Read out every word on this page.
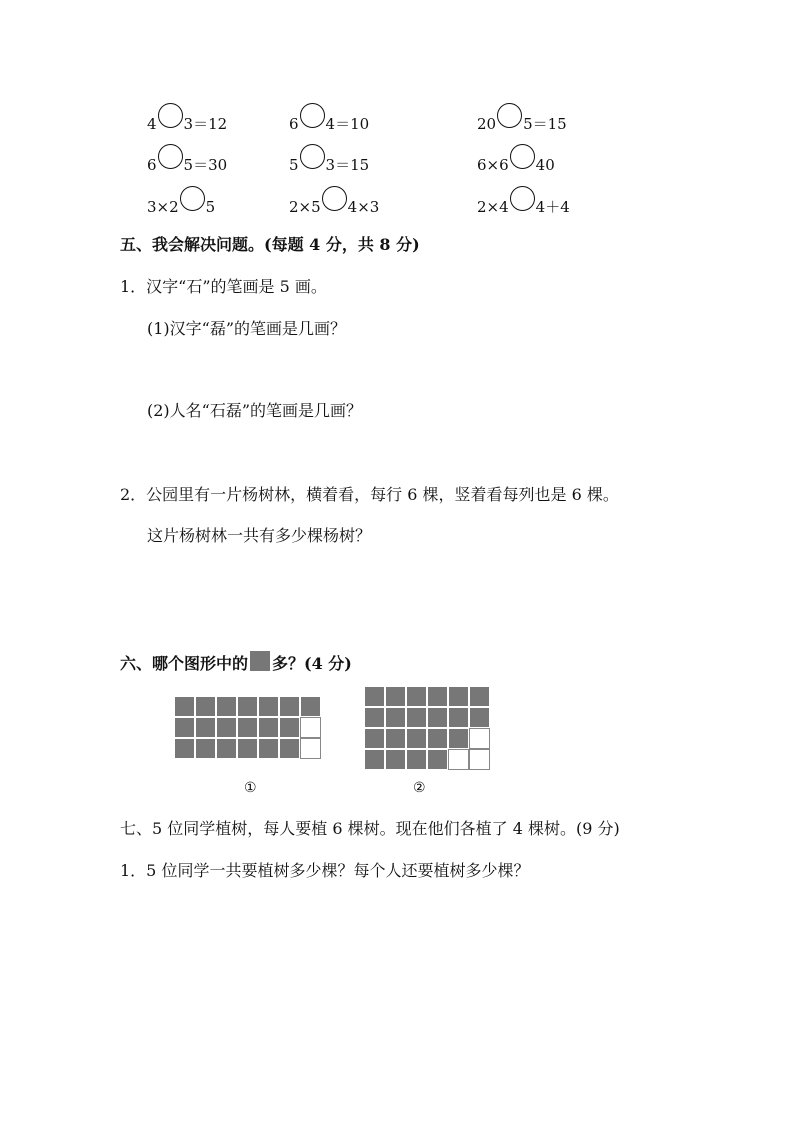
4 3＝12	6 4＝10	20 5＝15
6 5＝30	5 3＝15	6×6 40
3×2 5	2×5 4×3	2×4 4＋4
五、我会解决问题。(每题 4 分，共 8 分)
1．汉字“石”的笔画是 5 画。
(1)汉字“磊”的笔画是几画？
(2)人名“石磊”的笔画是几画？
2．公园里有一片杨树林，横着看，每行 6 棵，竖着看每列也是 6 棵。
这片杨树林一共有多少棵杨树？
六、哪个图形中的 多？(4 分)
①	②
七、5 位同学植树，每人要植 6 棵树。现在他们各植了 4 棵树。(9 分)
1．5 位同学一共要植树多少棵？每个人还要植树多少棵？
